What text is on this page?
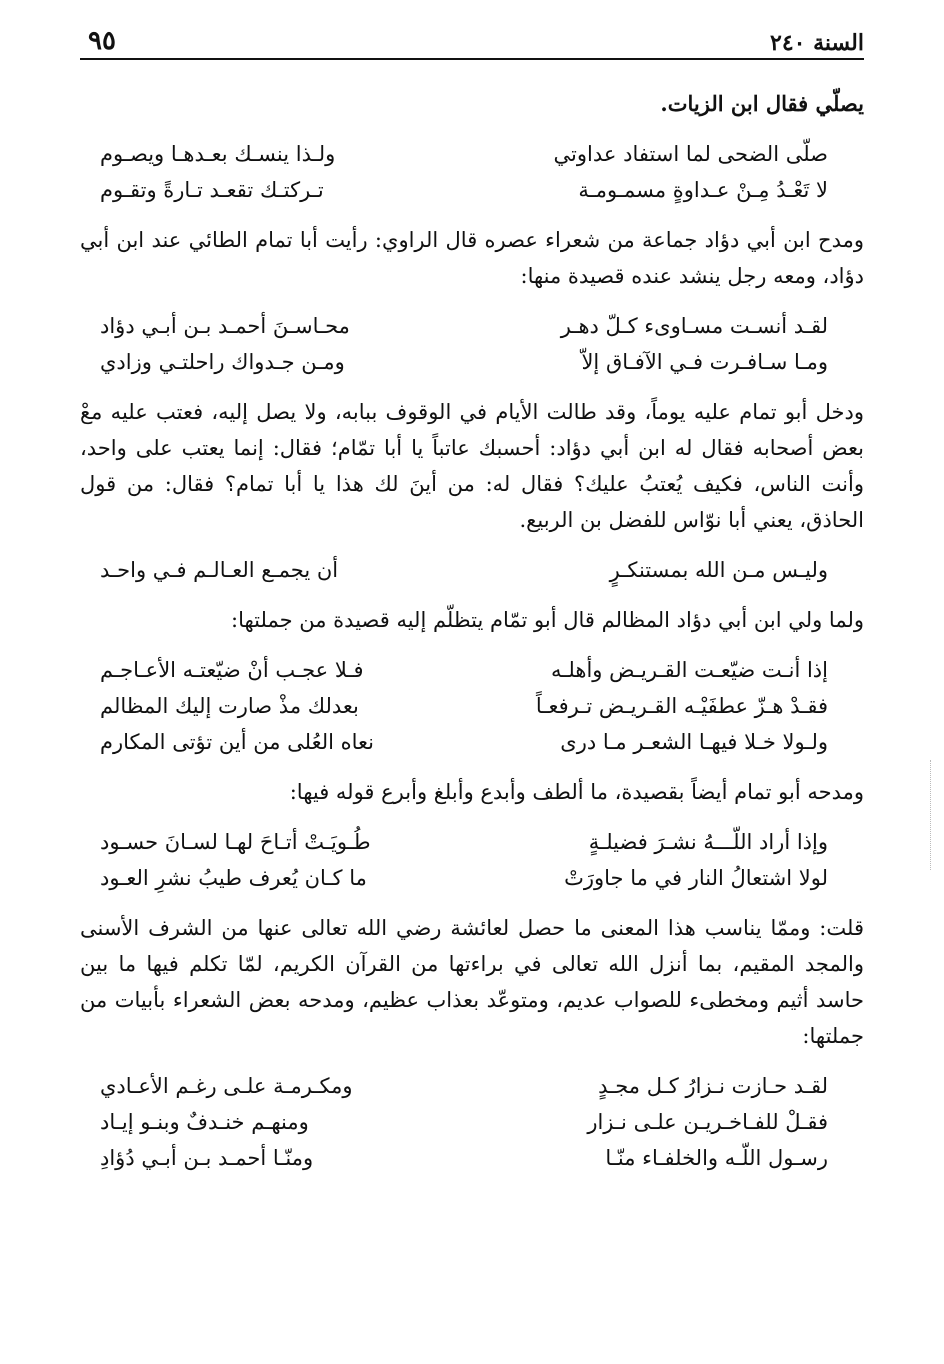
السنة ٢٤٠
٩٥

يصلّي فقال ابن الزيات.

صلّى الضحى لما استفاد عداوتي
ولـذا ينسـك بعـدهـا ويصـوم
لا تَعْـدُ مِـنْ عـداوةٍ مسمـومـة
تـركتـك تقعـد تـارةً وتقـوم

ومدح ابن أبي دؤاد جماعة من شعراء عصره قال الراوي: رأيت أبا تمام الطائي عند ابن أبي دؤاد، ومعه رجل ينشد عنده قصيدة منها:

لقـد أنسـت مسـاوىء كـلّ دهـر
محـاسـنَ أحمـد بـن أبـي دؤاد
ومـا سـافـرت فـي الآفـاق إلاّ
ومـن جـدواك راحلتـي وزادي

ودخل أبو تمام عليه يوماً، وقد طالت الأيام في الوقوف ببابه، ولا يصل إليه، فعتب عليه معْ بعض أصحابه فقال له ابن أبي دؤاد: أحسبك عاتباً يا أبا تمّام؛ فقال: إنما يعتب على واحد، وأنت الناس، فكيف يُعتبُ عليك؟ فقال له: من أينَ لك هذا يا أبا تمام؟ فقال: من قول الحاذق، يعني أبا نوّاس للفضل بن الربيع.

وليـس مـن الله بمستنكـرٍ
أن يجمـع العـالـم فـي واحـد

ولما ولي ابن أبي دؤاد المظالم قال أبو تمّام يتظلّم إليه قصيدة من جملتها:

إذا أنـت ضيّعـت القـريـض وأهلـه
فـلا عجـب أنْ ضيّعتـه الأعـاجـم
فقـدْ هـزّ عطفَيْـه القـريـض تـرفعـاً
بعدلك مذْ صارت إليك المظالم
ولـولا خـلا فيهـا الشعـر مـا درى
نعاه العُلى من أين تؤتى المكارم

ومدحه أبو تمام أيضاً بقصيدة، ما ألطف وأبدع وأبلغ وأبرع قوله فيها:

وإذا أراد اللّـــهُ نشـرَ فضيلـةٍ
طُـويَـتْ أتـاحَ لهـا لسـانَ حسـود
لولا اشتعالُ النار في ما جاورَتْ
ما كـان يُعرف طيبُ نشرِ العـود

قلت: وممّا يناسب هذا المعنى ما حصل لعائشة رضي الله تعالى عنها من الشرف الأسنى والمجد المقيم، بما أنزل الله تعالى في براءتها من القرآن الكريم، لمّا تكلم فيها ما بين حاسد أثيم ومخطىء للصواب عديم، ومتوعّد بعذاب عظيم، ومدحه بعض الشعراء بأبيات من جملتها:

لقـد حـازت نـزارُ كـل مجـدٍ
ومكـرمـة علـى رغـم الأعـادي
فقـلْ للفـاخـريـن علـى نـزار
ومنهـم خنـدفٌ وبنـو إيـاد
رسـول اللّـه والخلفـاء منّـا
ومنّـا أحمـد بـن أبـي دُؤادِ
